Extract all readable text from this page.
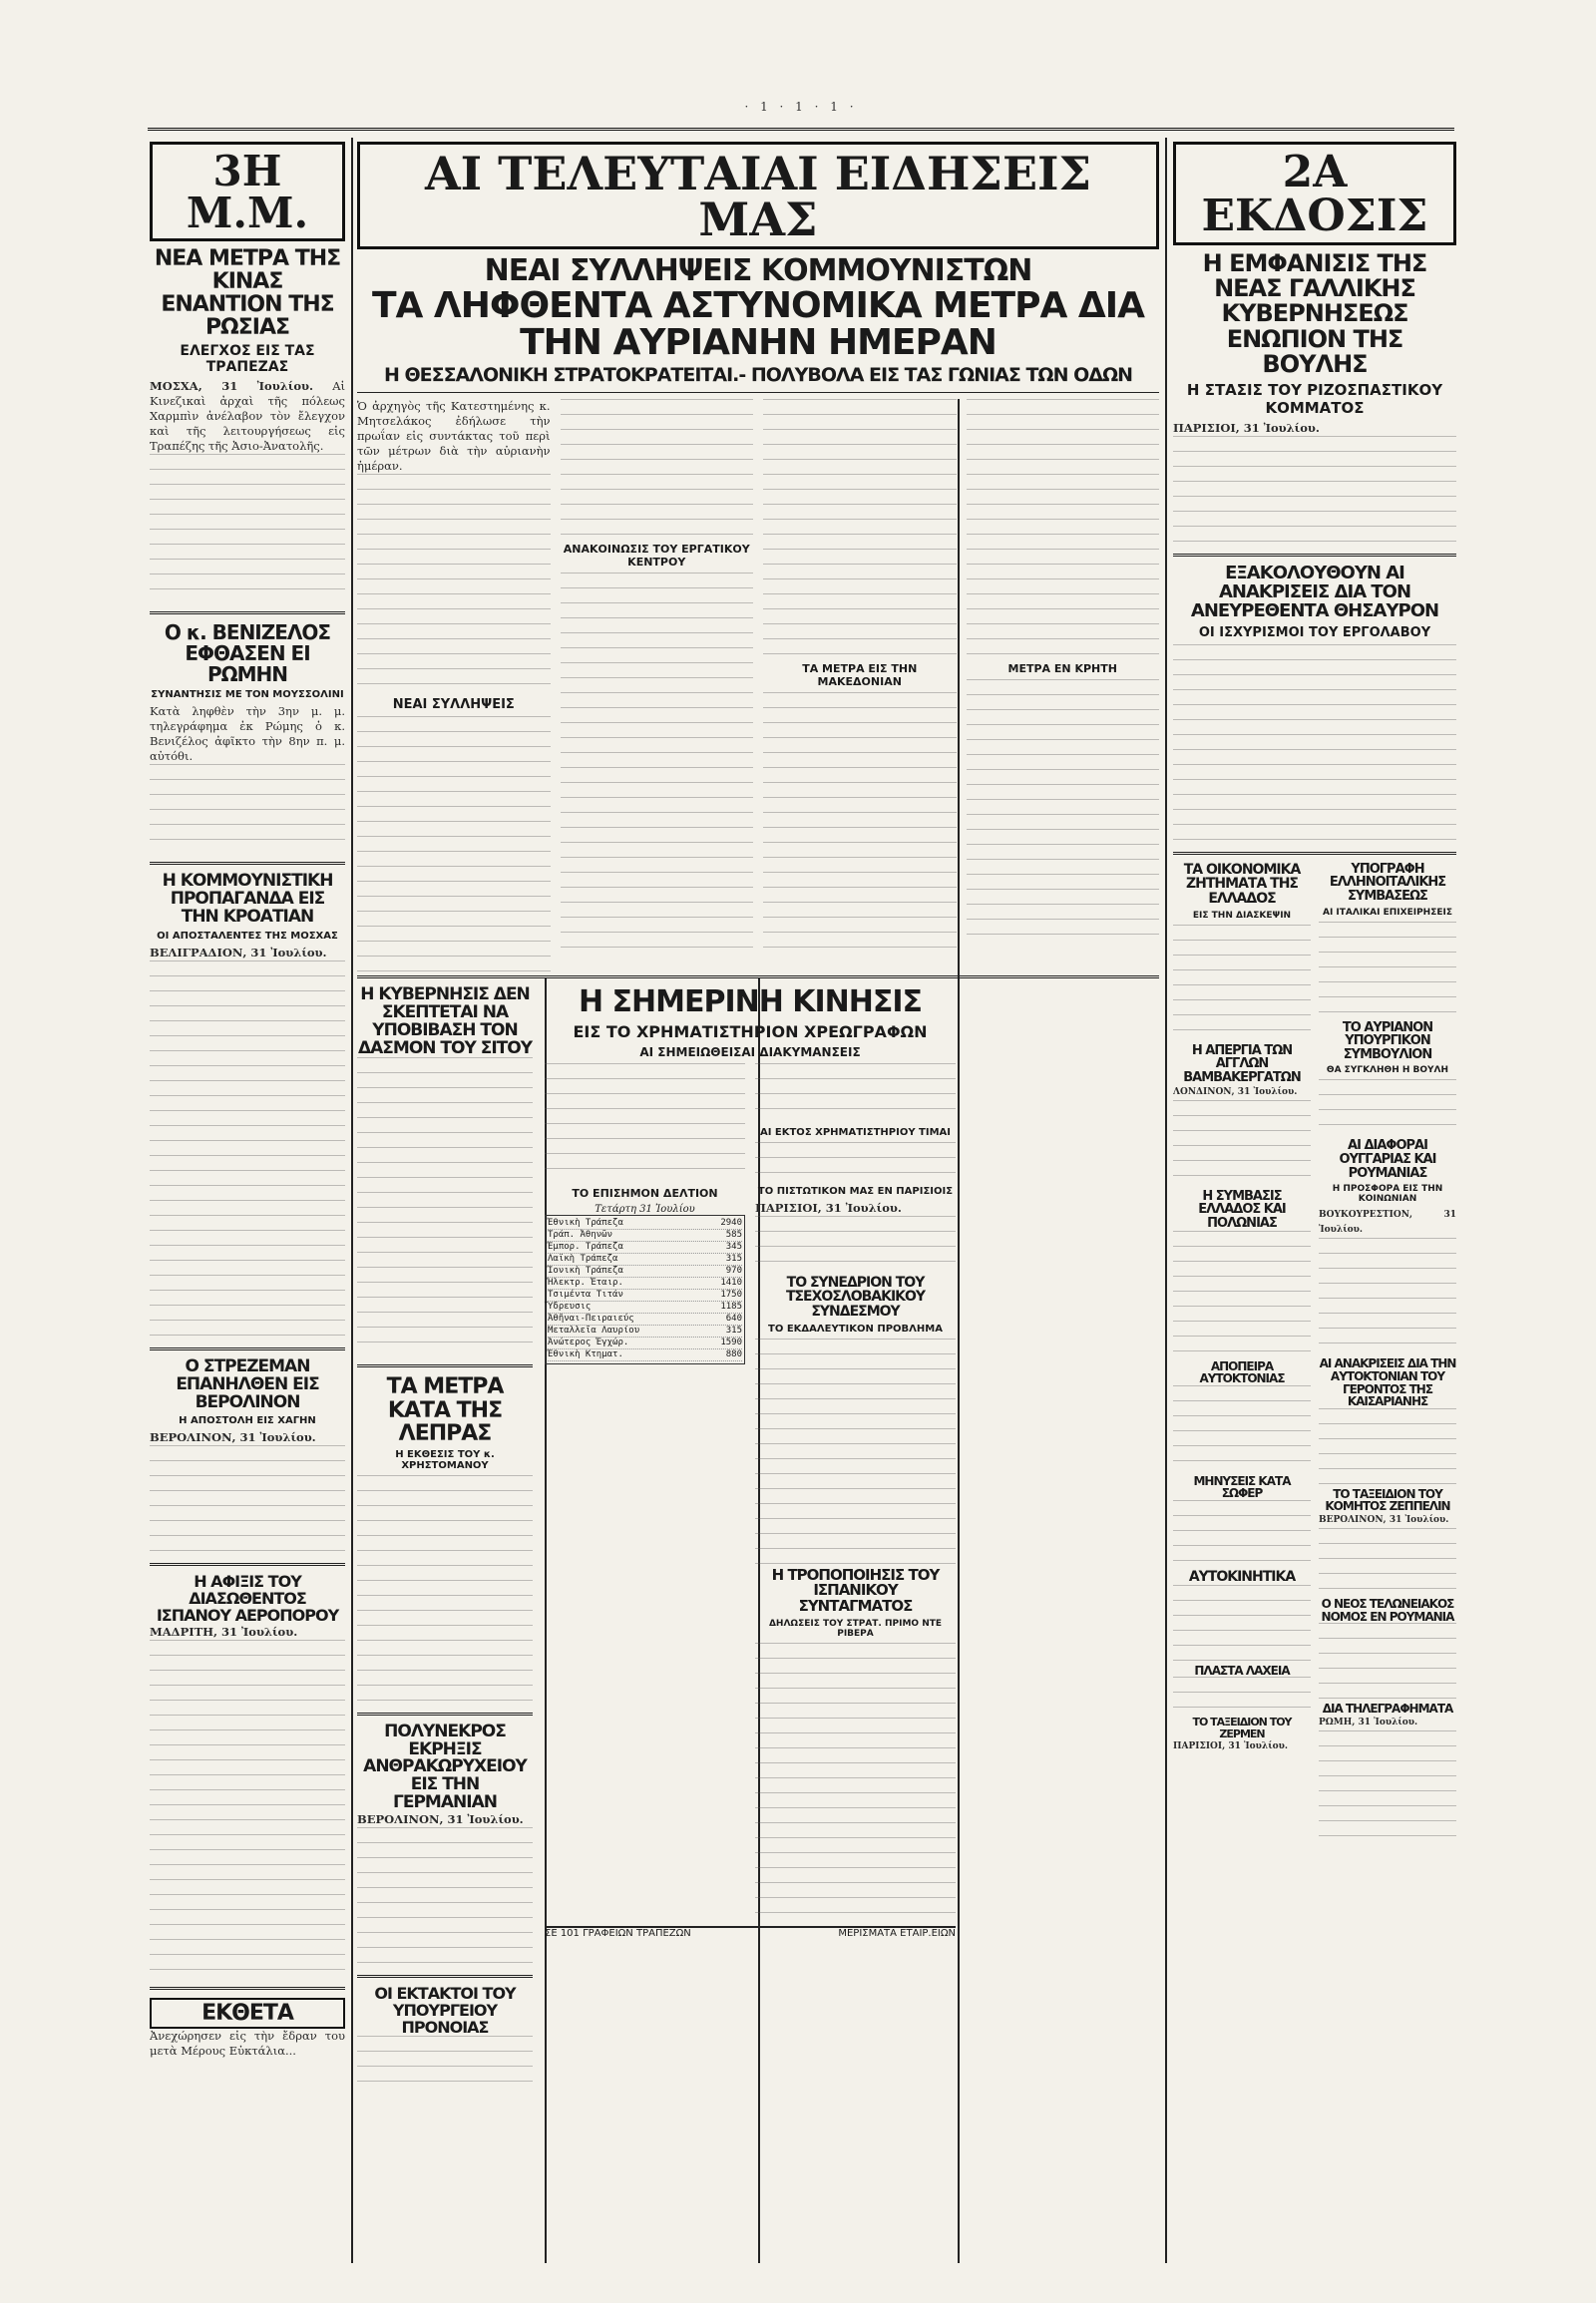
· 1 · 1 · 1 ·
3Η Μ.Μ.
ΝΕΑ ΜΕΤΡΑ ΤΗΣ ΚΙΝΑΣ ΕΝΑΝΤΙΟΝ ΤΗΣ ΡΩΣΙΑΣ
ΕΛΕΓΧΟΣ ΕΙΣ ΤΑΣ ΤΡΑΠΕΖΑΣ
ΜΟΣΧΑ, 31 Ἰουλίου. Αἱ Κινεζικαὶ ἀρχαὶ τῆς πόλεως Χαρμπὶν ἀνέλαβον τὸν ἔλεγχον καὶ τῆς λειτουργήσεως εἰς Τραπέζης τῆς Ἀσιο-Ἀνατολῆς.
Ο κ. ΒΕΝΙΖΕΛΟΣ ΕΦΘΑΣΕΝ ΕΙ ΡΩΜΗΝ
ΣΥΝΑΝΤΗΣΙΣ ΜΕ ΤΟΝ ΜΟΥΣΣΟΛΙΝΙ
Κατὰ ληφθὲν τὴν 3ην μ. μ. τηλεγράφημα ἐκ Ρώμης ὁ κ. Βενιζέλος ἀφῖκτο τὴν 8ην π. μ. αὐτόθι.
Η ΚΟΜΜΟΥΝΙΣΤΙΚΗ ΠΡΟΠΑΓΑΝΔΑ ΕΙΣ ΤΗΝ ΚΡΟΑΤΙΑΝ
ΟΙ ΑΠΟΣΤΑΛΕΝΤΕΣ ΤΗΣ ΜΟΣΧΑΣ
ΒΕΛΙΓΡΑΔΙΟΝ, 31 Ἰουλίου.
Ο ΣΤΡΕΖΕΜΑΝ ΕΠΑΝΗΛΘΕΝ ΕΙΣ ΒΕΡΟΛΙΝΟΝ
Η ΑΠΟΣΤΟΛΗ ΕΙΣ ΧΑΓΗΝ
ΒΕΡΟΛΙΝΟΝ, 31 Ἰουλίου.
Η ΑΦΙΞΙΣ ΤΟΥ ΔΙΑΣΩΘΕΝΤΟΣ ΙΣΠΑΝΟΥ ΑΕΡΟΠΟΡΟΥ
ΜΑΔΡΙΤΗ, 31 Ἰουλίου.
ΕΚΘΕΤΑ
Ἀνεχώρησεν εἰς τὴν ἔδραν του μετὰ Μέρους Εὐκτάλια...
ΑΙ ΤΕΛΕΥΤΑΙΑΙ ΕΙΔΗΣΕΙΣ ΜΑΣ
ΝΕΑΙ ΣΥΛΛΗΨΕΙΣ ΚΟΜΜΟΥΝΙΣΤΩΝ
ΤΑ ΛΗΦΘΕΝΤΑ ΑΣΤΥΝΟΜΙΚΑ ΜΕΤΡΑ ΔΙΑ ΤΗΝ ΑΥΡΙΑΝΗΝ ΗΜΕΡΑΝ
Η ΘΕΣΣΑΛΟΝΙΚΗ ΣΤΡΑΤΟΚΡΑΤΕΙΤΑΙ.- ΠΟΛΥΒΟΛΑ ΕΙΣ ΤΑΣ ΓΩΝΙΑΣ ΤΩΝ ΟΔΩΝ
Ὁ ἀρχηγὸς τῆς Κατεστημένης κ. Μητσελάκος ἐδήλωσε τὴν πρωΐαν εἰς συντάκτας τοῦ περὶ τῶν μέτρων διὰ τὴν αὐριανὴν ἡμέραν.
ΝΕΑΙ ΣΥΛΛΗΨΕΙΣ
ΑΝΑΚΟΙΝΩΣΙΣ ΤΟΥ ΕΡΓΑΤΙΚΟΥ ΚΕΝΤΡΟΥ
ΤΑ ΜΕΤΡΑ ΕΙΣ ΤΗΝ ΜΑΚΕΔΟΝΙΑΝ
ΜΕΤΡΑ ΕΝ ΚΡΗΤΗ
Η ΚΥΒΕΡΝΗΣΙΣ ΔΕΝ ΣΚΕΠΤΕΤΑΙ ΝΑ ΥΠΟΒΙΒΑΣΗ ΤΟΝ ΔΑΣΜΟΝ ΤΟΥ ΣΙΤΟΥ
ΤΑ ΜΕΤΡΑ ΚΑΤΑ ΤΗΣ ΛΕΠΡΑΣ
Η ΕΚΘΕΣΙΣ ΤΟΥ κ. ΧΡΗΣΤΟΜΑΝΟΥ
ΠΟΛΥΝΕΚΡΟΣ ΕΚΡΗΞΙΣ ΑΝΘΡΑΚΩΡΥΧΕΙΟΥ ΕΙΣ ΤΗΝ ΓΕΡΜΑΝΙΑΝ
ΒΕΡΟΛΙΝΟΝ, 31 Ἰουλίου.
ΟΙ ΕΚΤΑΚΤΟΙ ΤΟΥ ΥΠΟΥΡΓΕΙΟΥ ΠΡΟΝΟΙΑΣ
Η ΣΗΜΕΡΙΝΗ ΚΙΝΗΣΙΣ
ΕΙΣ ΤΟ ΧΡΗΜΑΤΙΣΤΗΡΙΟΝ ΧΡΕΩΓΡΑΦΩΝ
ΑΙ ΣΗΜΕΙΩΘΕΙΣΑΙ ΔΙΑΚΥΜΑΝΣΕΙΣ
ΤΟ ΕΠΙΣΗΜΟΝ ΔΕΛΤΙΟΝ
Τετάρτη 31 Ἰουλίου
Ἐθνικὴ Τράπεζα	2940
Τράπ. Ἀθηνῶν	585
Ἐμπορ. Τράπεζα	345
Λαϊκὴ Τράπεζα	315
Ἰονικὴ Τράπεζα	970
Ἠλεκτρ. Ἑταιρ.	1410
Τσιμέντα Τιτάν	1750
Ὕδρευσις	1185
Ἀθῆναι-Πειραιεύς	640
Μεταλλεῖα Λαυρίου	315
Ἀνώτερος Ἐγχώρ.	1590
Ἐθνικὴ Κτηματ.	880
ΑΙ ΕΚΤΟΣ ΧΡΗΜΑΤΙΣΤΗΡΙΟΥ ΤΙΜΑΙ
ΤΟ ΠΙΣΤΩΤΙΚΟΝ ΜΑΣ ΕΝ ΠΑΡΙΣΙΟΙΣ
ΠΑΡΙΣΙΟΙ, 31 Ἰουλίου.
ΤΟ ΣΥΝΕΔΡΙΟΝ ΤΟΥ ΤΣΕΧΟΣΛΟΒΑΚΙΚΟΥ ΣΥΝΔΕΣΜΟΥ
ΤΟ ΕΚΔΑΛΕΥΤΙΚΟΝ ΠΡΟΒΛΗΜΑ
Η ΤΡΟΠΟΠΟΙΗΣΙΣ ΤΟΥ ΙΣΠΑΝΙΚΟΥ ΣΥΝΤΑΓΜΑΤΟΣ
ΔΗΛΩΣΕΙΣ ΤΟΥ ΣΤΡΑΤ. ΠΡΙΜΟ ΝΤΕ ΡΙΒΕΡΑ
ΣΕ 101 ΓΡΑΦΕΙΩΝ ΤΡΑΠΕΖΩΝ	ΜΕΡΙΣΜΑΤΑ ΕΤΑΙΡ.ΕΙΩΝ
2Α ΕΚΔΟΣΙΣ
Η ΕΜΦΑΝΙΣΙΣ ΤΗΣ ΝΕΑΣ ΓΑΛΛΙΚΗΣ ΚΥΒΕΡΝΗΣΕΩΣ ΕΝΩΠΙΟΝ ΤΗΣ ΒΟΥΛΗΣ
Η ΣΤΑΣΙΣ ΤΟΥ ΡΙΖΟΣΠΑΣΤΙΚΟΥ ΚΟΜΜΑΤΟΣ
ΠΑΡΙΣΙΟΙ, 31 Ἰουλίου.
ΕΞΑΚΟΛΟΥΘΟΥΝ ΑΙ ΑΝΑΚΡΙΣΕΙΣ ΔΙΑ ΤΟΝ ΑΝΕΥΡΕΘΕΝΤΑ ΘΗΣΑΥΡΟΝ
ΟΙ ΙΣΧΥΡΙΣΜΟΙ ΤΟΥ ΕΡΓΟΛΑΒΟΥ
ΤΑ ΟΙΚΟΝΟΜΙΚΑ ΖΗΤΗΜΑΤΑ ΤΗΣ ΕΛΛΑΔΟΣ
ΕΙΣ ΤΗΝ ΔΙΑΣΚΕΨΙΝ
Η ΑΠΕΡΓΙΑ ΤΩΝ ΑΓΓΛΩΝ ΒΑΜΒΑΚΕΡΓΑΤΩΝ
ΛΟΝΔΙΝΟΝ, 31 Ἰουλίου.
Η ΣΥΜΒΑΣΙΣ ΕΛΛΑΔΟΣ ΚΑΙ ΠΟΛΩΝΙΑΣ
ΑΠΟΠΕΙΡΑ ΑΥΤΟΚΤΟΝΙΑΣ
ΜΗΝΥΣΕΙΣ ΚΑΤΑ ΣΩΦΕΡ
ΑΥΤΟΚΙΝΗΤΙΚΑ
ΠΛΑΣΤΑ ΛΑΧΕΙΑ
ΤΟ ΤΑΞΕΙΔΙΟΝ ΤΟΥ ΖΕΡΜΕΝ
ΠΑΡΙΣΙΟΙ, 31 Ἰουλίου.
ΥΠΟΓΡΑΦΗ ΕΛΛΗΝΟΙΤΑΛΙΚΗΣ ΣΥΜΒΑΣΕΩΣ
ΑΙ ΙΤΑΛΙΚΑΙ ΕΠΙΧΕΙΡΗΣΕΙΣ
ΤΟ ΑΥΡΙΑΝΟΝ ΥΠΟΥΡΓΙΚΟΝ ΣΥΜΒΟΥΛΙΟΝ
ΘΑ ΣΥΓΚΛΗΘΗ Η ΒΟΥΛΗ
ΑΙ ΔΙΑΦΟΡΑΙ ΟΥΓΓΑΡΙΑΣ ΚΑΙ ΡΟΥΜΑΝΙΑΣ
Η ΠΡΟΣΦΟΡΑ ΕΙΣ ΤΗΝ ΚΟΙΝΩΝΙΑΝ
ΒΟΥΚΟΥΡΕΣΤΙΟΝ, 31 Ἰουλίου.
ΑΙ ΑΝΑΚΡΙΣΕΙΣ ΔΙΑ ΤΗΝ ΑΥΤΟΚΤΟΝΙΑΝ ΤΟΥ ΓΕΡΟΝΤΟΣ ΤΗΣ ΚΑΙΣΑΡΙΑΝΗΣ
ΤΟ ΤΑΞΕΙΔΙΟΝ ΤΟΥ ΚΟΜΗΤΟΣ ΖΕΠΠΕΛΙΝ
ΒΕΡΟΛΙΝΟΝ, 31 Ἰουλίου.
Ο ΝΕΟΣ ΤΕΛΩΝΕΙΑΚΟΣ ΝΟΜΟΣ ΕΝ ΡΟΥΜΑΝΙΑ
ΔΙΑ ΤΗΛΕΓΡΑΦΗΜΑΤΑ
ΡΩΜΗ, 31 Ἰουλίου.
